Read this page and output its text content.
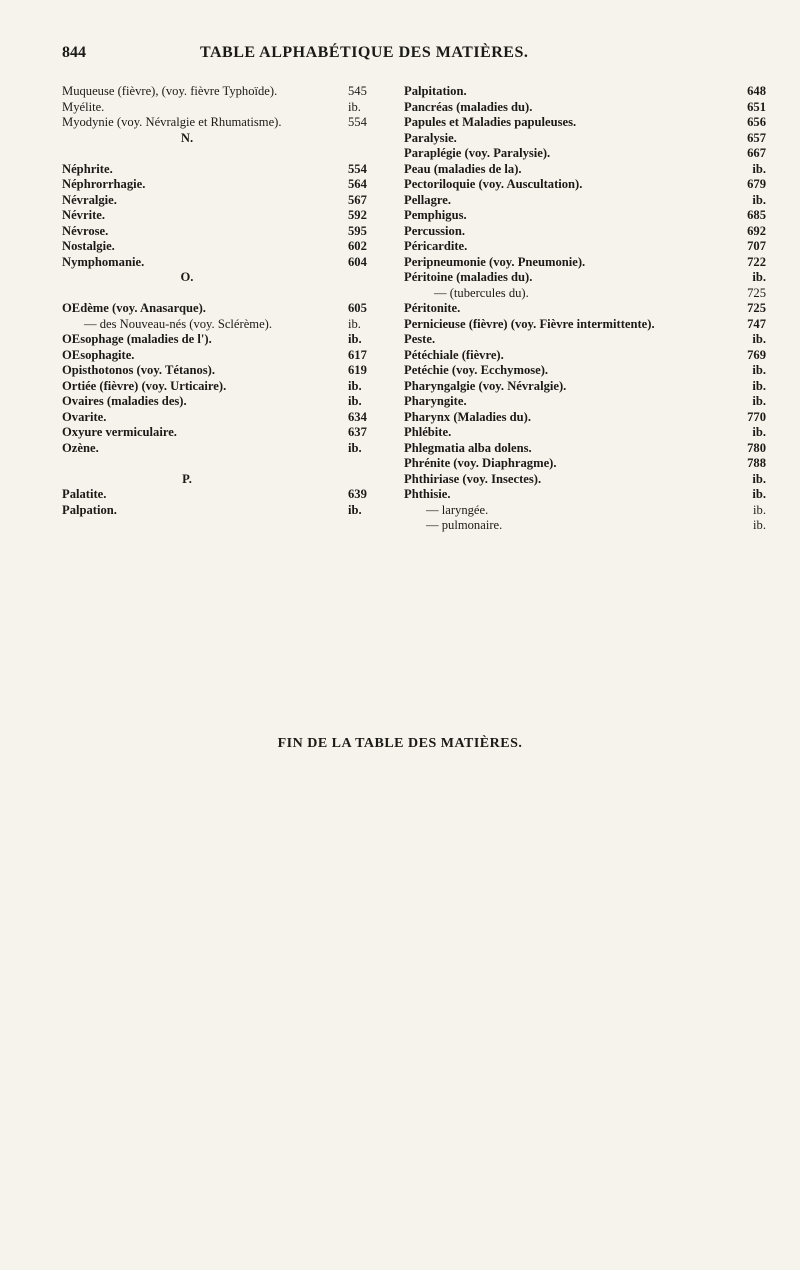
844	TABLE ALPHABÉTIQUE DES MATIÈRES.
Muqueuse (fièvre), (voy. fièvre Typhoïde).	545
Myélite.	ib.
Myodynie (voy. Névralgie et Rhumatisme).	554
N.
Néphrite.	554
Néphrorrhagie.	564
Névralgie.	567
Névrite.	592
Névrose.	595
Nostalgie.	602
Nymphomanie.	604
O.
OEdème (voy. Anasarque).	605
— des Nouveau-nés (voy. Sclérème).	ib.
OEsophage (maladies de l').	ib.
OEsophagite.	617
Opisthotonos (voy. Tétanos).	619
Ortiée (fièvre) (voy. Urticaire).	ib.
Ovaires (maladies des).	ib.
Ovarite.	634
Oxyure vermiculaire.	637
Ozène.	ib.
P.
Palatite.	639
Palpation.	ib.
Palpitation.	648
Pancréas (maladies du).	651
Papules et Maladies papuleuses.	656
Paralysie.	657
Paraplégie (voy. Paralysie).	667
Peau (maladies de la).	ib.
Pectoriloquie (voy. Auscultation).	679
Pellagre.	ib.
Pemphigus.	685
Percussion.	692
Péricardite.	707
Peripneumonie (voy. Pneumonie).	722
Péritoine (maladies du).	ib.
— (tubercules du).	725
Péritonite.	725
Pernicieuse (fièvre) (voy. Fièvre intermittente).	747
Peste.	ib.
Pétéchiale (fièvre).	769
Petéchie (voy. Ecchymose).	ib.
Pharyngalgie (voy. Névralgie).	ib.
Pharyngite.	ib.
Pharynx (Maladies du).	770
Phlébite.	ib.
Phlegmatia alba dolens.	780
Phrénite (voy. Diaphragme).	788
Phthiriase (voy. Insectes).	ib.
Phthisie.	ib.
— laryngée.	ib.
— pulmonaire.	ib.
FIN DE LA TABLE DES MATIÈRES.
